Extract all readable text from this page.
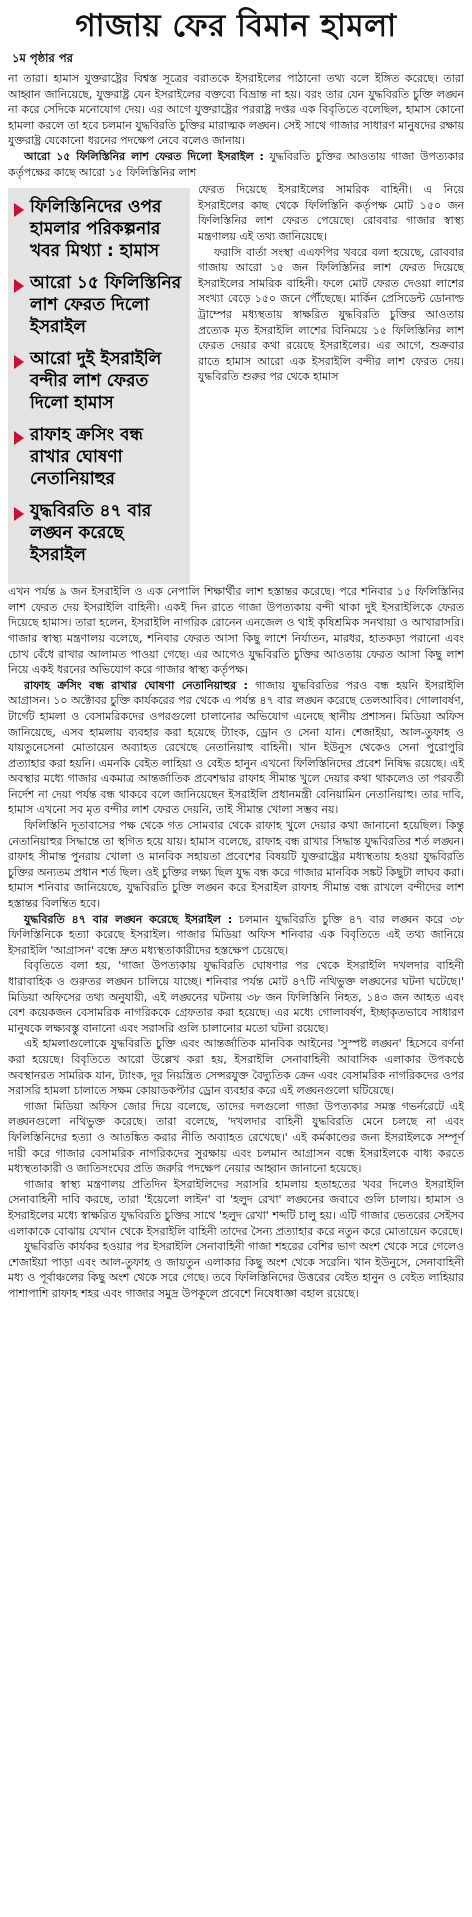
গাজায় ফের বিমান হামলা
১ম পৃষ্ঠার পর

না তারা। হামাস যুক্তরাষ্ট্রের বিশ্বস্ত সূত্রের বরাতকে ইসরাইলের পাঠানো তথ্য বলে ইঙ্গিত করেছে। তারা আহ্বান জানিয়েছে, যুক্তরাষ্ট্র যেন ইসরাইলের বক্তব্যে বিভ্রান্ত না হয়। বরং তার যেন যুদ্ধবিরতি চুক্তি লঙ্ঘন না করে সেদিকে মনোযোগ দেয়। এর আগে যুক্তরাষ্ট্রের পররাষ্ট্র দপ্তর এক বিবৃতিতে বলেছিল, হামাস কোনো হামলা করলে তা হবে চলমান যুদ্ধবিরতি চুক্তির মারাত্মক লঙ্ঘন। সেই সাথে গাজার সাধারণ মানুষদের রক্ষায় যুক্তরাষ্ট্র যেকোনো ধরনের পদক্ষেপ নেবে বলেও জানায়।

আরো ১৫ ফিলিস্তিনির লাশ ফেরত দিলো ইসরাইল : যুদ্ধবিরতি চুক্তির আওতায় গাজা উপত্যকার কর্তৃপক্ষের কাছে আরো ১৫ ফিলিস্তিনির লাশ

ফিলিস্তিনিদের ওপর হামলার পরিকল্পনার খবর মিথ্যা : হামাস
আরো ১৫ ফিলিস্তিনির লাশ ফেরত দিলো ইসরাইল
আরো দুই ইসরাইলি বন্দীর লাশ ফেরত দিলো হামাস
রাফাহ ক্রসিং বন্ধ রাখার ঘোষণা নেতানিয়াহুর
যুদ্ধবিরতি ৪৭ বার লঙ্ঘন করেছে ইসরাইল

ফেরত দিয়েছে ইসরাইলের সামরিক বাহিনী। এ নিয়ে ইসরাইলের কাছ থেকে ফিলিস্তিনি কর্তৃপক্ষ মোট ১৫০ জন ফিলিস্তিনির লাশ ফেরত পেয়েছে। রোববার গাজার স্বাস্থ্য মন্ত্রণালয় এই তথ্য জানিয়েছে।

ফরাসি বার্তা সংস্থা এএফপির খবরে বলা হয়েছে, রোববার গাজায় আরো ১৫ জন ফিলিস্তিনির লাশ ফেরত দিয়েছে ইসরাইলের সামরিক বাহিনী। ফলে মোট ফেরত দেওয়া লাশের সংখ্যা বেড়ে ১৫০ জনে পৌঁছেছে। মার্কিন প্রেসিডেন্ট ডোনাল্ড ট্রাম্পের মধ্যস্থতায় স্বাক্ষরিত যুদ্ধবিরতি চুক্তির আওতায় প্রত্যেক মৃত ইসরাইলি লাশের বিনিময়ে ১৫ ফিলিস্তিনির লাশ ফেরত দেয়ার কথা রয়েছে ইসরাইলের। এর আগে, শুক্রবার রাতে হামাস আরো এক ইসরাইলি বন্দীর লাশ ফেরত দেয়। যুদ্ধবিরতি শুরুর পর থেকে হামাস

এখন পর্যন্ত ৯ জন ইসরাইলি ও এক নেপালি শিক্ষার্থীর লাশ হস্তান্তর করেছে। পরে শনিবার ১৫ ফিলিস্তিনির লাশ ফেরত দেয় ইসরাইলি বাহিনী। একই দিন রাতে গাজা উপত্যকায় বন্দী থাকা দুই ইসরাইলিকে ফেরত দিয়েছে হামাস। তারা হলেন, ইসরাইলি নাগরিক রোনেন এনজেল ও থাই কৃষিশ্রমিক সনথায়া ও আখারাসরি। গাজার স্বাস্থ্য মন্ত্রণালয় বলেছে, শনিবার ফেরত আসা কিছু লাশে নির্যাতন, মারধর, হাতকড়া পরানো এবং চোখ বেঁধে রাখার আলামত পাওয়া গেছে। এর আগেও যুদ্ধবিরতি চুক্তির আওতায় ফেরত আসা কিছু লাশ নিয়ে একই ধরনের অভিযোগ করে গাজার স্বাস্থ্য কর্তৃপক্ষ।

রাফাহ ক্রসিং বন্ধ রাখার ঘোষণা নেতানিয়াহুর : গাজায় যুদ্ধবিরতির পরও বন্ধ হয়নি ইসরাইলি আগ্রাসন। ১০ অক্টোবর চুক্তি কার্যকরের পর থেকে এ পর্যন্ত ৪৭ বার লঙ্ঘন করেছে তেলআবিব। গোলাবর্ষণ, টার্গেট হামলা ও বেসামরিকদের ওপরগুলো চালানোর অভিযোগ এনেছে স্থানীয় প্রশাসন। মিডিয়া অফিস জানিয়েছে, এসব হামলায় ব্যবহার করা হয়েছে ট্যাংক, ড্রোন ও সেনা যান। শেজাইয়া, আল-তুফাহ ও যায়তুনেসেনা মোতায়েন অব্যাহত রেখেছে নেতানিয়াহু বাহিনী। খান ইউনুস থেকেও সেনা পুরোপুরি প্রত্যাহার করা হয়নি। এমনকি বেইত লাহিয়া ও বেইত হানুন এখনো ফিলিস্তিনিদের প্রবেশ নিষিদ্ধ রয়েছে। এই অবস্থার মধ্যে গাজার একমাত্র আন্তর্জাতিক প্রবেশদ্বার রাফাহ সীমান্ত খুলে দেয়ার কথা থাকলেও তা পরবর্তী নির্দেশ না দেয়া পর্যন্ত বন্ধ থাকবে বলে জানিয়েছেন ইসরাইলি প্রধানমন্ত্রী বেনিয়ামিন নেতানিয়াহু। তার দাবি, হামাস এখনো সব মৃত বন্দীর লাশ ফেরত দেয়নি, তাই সীমান্ত খোলা সম্ভব নয়।

ফিলিস্তিনি দূতাবাসের পক্ষ থেকে গত সোমবার থেকে রাফাহ খুলে দেয়ার কথা জানানো হয়েছিল। কিন্তু নেতানিয়াহুর সিদ্ধান্তে তা স্থগিত হয়ে যায়। হামাস বলেছে, রাফাহ বন্ধ রাখার সিদ্ধান্ত যুদ্ধবিরতির শর্ত লঙ্ঘন। রাফাহ সীমান্ত পুনরায় খোলা ও মানবিক সহায়তা প্রবেশের বিষয়টি যুক্তরাষ্ট্রের মধ্যস্থতায় হওয়া যুদ্ধবিরতি চুক্তির অন্যতম প্রধান শর্ত ছিল। ওই চুক্তির লক্ষ্য ছিল যুদ্ধ বন্ধ করে গাজার মানবিক সঙ্কট কিছুটা লাঘব করা। হামাস শনিবার জানিয়েছে, যুদ্ধবিরতি চুক্তি লঙ্ঘন করে ইসরাইল রাফাহ সীমান্ত বন্ধ রাখলে বন্দীদের লাশ হস্তান্তর বিলম্বিত হবে।

যুদ্ধবিরতি ৪৭ বার লঙ্ঘন করেছে ইসরাইল : চলমান যুদ্ধবিরতি চুক্তি ৪৭ বার লঙ্ঘন করে ৩৮ ফিলিস্তিনিকে হত্যা করেছে ইসরাইল। গাজার মিডিয়া অফিস শনিবার এক বিবৃতিতে এই তথ্য জানিয়ে ইসরাইলি 'আগ্রাসন' বন্ধে দ্রুত মধ্যস্থতাকারীদের হস্তক্ষেপ চেয়েছে।

বিবৃতিতে বলা হয়, 'গাজা উপত্যকায় যুদ্ধবিরতি ঘোষণার পর থেকে ইসরাইলি দখলদার বাহিনী ধারাবাহিক ও গুরুতর লঙ্ঘন চালিয়ে যাচ্ছে। শনিবার পর্যন্ত মোট ৪৭টি নথিভুক্ত লঙ্ঘনের ঘটনা ঘটেছে।' মিডিয়া অফিসের তথ্য অনুযায়ী, এই লঙ্ঘনের ঘটনায় ৩৮ জন ফিলিস্তিনি নিহত, ১৪৩ জন আহত এবং বেশ কয়েকজন বেসামরিক নাগরিককে গ্রেফতার করা হয়েছে। এর মধ্যে গোলাবর্ষণ, ইচ্ছাকৃতভাবে সাধারণ মানুষকে লক্ষ্যবস্তু বানানো এবং সরাসরি গুলি চালানোর মতো ঘটনা রয়েছে।

এই হামলাগুলোকে যুদ্ধবিরতি চুক্তি এবং আন্তর্জাতিক মানবিক আইনের 'সুস্পষ্ট লঙ্ঘন' হিসেবে বর্ণনা করা হয়েছে। বিবৃতিতে আরো উল্লেখ করা হয়, ইসরাইলি সেনাবাহিনী আবাসিক এলাকার উপকণ্ঠে অবস্থানরত সামরিক যান, ট্যাংক, দূর নিয়ন্ত্রিত সেন্সরযুক্ত বৈদ্যুতিক ক্রেন এবং বেসামরিক নাগরিকদের ওপর সরাসরি হামলা চালাতে সক্ষম কোয়াডকপ্টার ড্রোন ব্যবহার করে এই লঙ্ঘনগুলো ঘটিয়েছে।

গাজা মিডিয়া অফিস জোর দিয়ে বলেছে, তাদের দলগুলো গাজা উপত্যকার সমস্ত গভর্নরেটে এই লঙ্ঘনগুলো নথিভুক্ত করেছে। তারা বলেছে, 'দখলদার বাহিনী যুদ্ধবিরতি মেনে চলছে না এবং ফিলিস্তিনিদের হত্যা ও আতঙ্কিত করার নীতি অব্যাহত রেখেছে।' এই কর্মকাণ্ডের জন্য ইসরাইলকে সম্পূর্ণ দায়ী করে গাজার বেসামরিক নাগরিকদের সুরক্ষায় এবং চলমান আগ্রাসন বন্ধে ইসরাইলকে বাধ্য করতে মধ্যস্থতাকারী ও জাতিসংঘের প্রতি জরুরি পদক্ষেপ নেয়ার আহ্বান জানানো হয়েছে।

গাজার স্বাস্থ্য মন্ত্রণালয় প্রতিদিন ইসরাইলিদের সরাসরি হামলায় হতাহতের খবর দিলেও ইসরাইলি সেনাবাহিনী দাবি করছে, তারা 'ইয়েলো লাইন' বা 'হলুদ রেখা' লঙ্ঘনের জবাবে গুলি চালায়। হামাস ও ইসরাইলের মধ্যে স্বাক্ষরিত যুদ্ধবিরতি চুক্তির সাথে 'হলুদ রেখা' শব্দটি চালু হয়। এটি গাজার ভেতরের সেইসব এলাকাকে বোঝায় যেখান থেকে ইসরাইলি বাহিনী তাদের সৈন্য প্রত্যাহার করে নতুন করে মোতায়েন করেছে।

যুদ্ধবিরতি কার্যকর হওয়ার পর ইসরাইলি সেনাবাহিনী গাজা শহরের বেশির ভাগ অংশ থেকে সরে গেলেও শেজাইয়া পাড়া এবং আল-তুফাহ ও জায়তুন এলাকার কিছু অংশ থেকে সরেনি। খান ইউনুসে, সেনাবাহিনী মধ্য ও পূর্বাঞ্চলের কিছু অংশ থেকে সরে গেছে। তবে ফিলিস্তিনিদের উত্তরের বেইত হানুন ও বেইত লাহিয়ার পাশাপাশি রাফাহ শহর এবং গাজার সমুদ্র উপকূলে প্রবেশে নিষেধাজ্ঞা বহাল রয়েছে।
